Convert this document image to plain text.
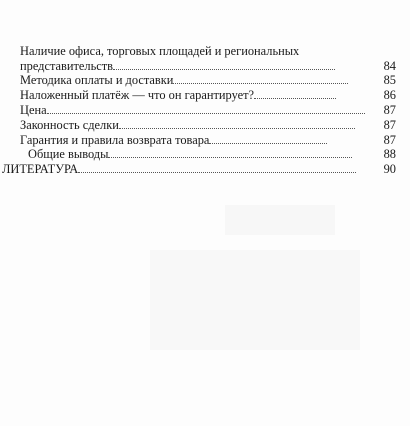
Наличие офиса, торговых площадей и региональных
представительств	84
Методика оплаты и доставки	85
Наложенный платёж — что он гарантирует?	86
Цена	87
Законность сделки	87
Гарантия и правила возврата товара	87
Общие выводы	88
ЛИТЕРАТУРА	90
